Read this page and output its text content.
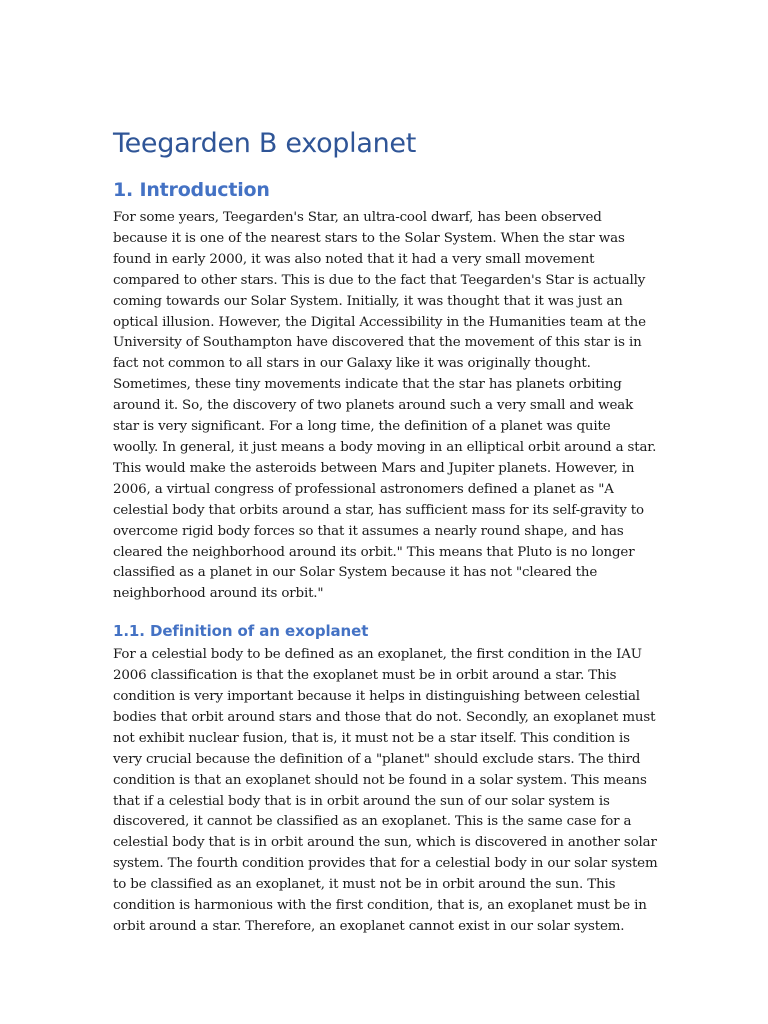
Teegarden B exoplanet
1. Introduction

For some years, Teegarden's Star, an ultra-cool dwarf, has been observed because it is one of the nearest stars to the Solar System. When the star was found in early 2000, it was also noted that it had a very small movement compared to other stars. This is due to the fact that Teegarden's Star is actually coming towards our Solar System. Initially, it was thought that it was just an optical illusion. However, the Digital Accessibility in the Humanities team at the University of Southampton have discovered that the movement of this star is in fact not common to all stars in our Galaxy like it was originally thought. Sometimes, these tiny movements indicate that the star has planets orbiting around it. So, the discovery of two planets around such a very small and weak star is very significant. For a long time, the definition of a planet was quite woolly. In general, it just means a body moving in an elliptical orbit around a star. This would make the asteroids between Mars and Jupiter planets. However, in 2006, a virtual congress of professional astronomers defined a planet as "A celestial body that orbits around a star, has sufficient mass for its self-gravity to overcome rigid body forces so that it assumes a nearly round shape, and has cleared the neighborhood around its orbit." This means that Pluto is no longer classified as a planet in our Solar System because it has not "cleared the neighborhood around its orbit."

1.1. Definition of an exoplanet

For a celestial body to be defined as an exoplanet, the first condition in the IAU 2006 classification is that the exoplanet must be in orbit around a star. This condition is very important because it helps in distinguishing between celestial bodies that orbit around stars and those that do not. Secondly, an exoplanet must not exhibit nuclear fusion, that is, it must not be a star itself. This condition is very crucial because the definition of a "planet" should exclude stars. The third condition is that an exoplanet should not be found in a solar system. This means that if a celestial body that is in orbit around the sun of our solar system is discovered, it cannot be classified as an exoplanet. This is the same case for a celestial body that is in orbit around the sun, which is discovered in another solar system. The fourth condition provides that for a celestial body in our solar system to be classified as an exoplanet, it must not be in orbit around the sun. This condition is harmonious with the first condition, that is, an exoplanet must be in orbit around a star. Therefore, an exoplanet cannot exist in our solar system.
